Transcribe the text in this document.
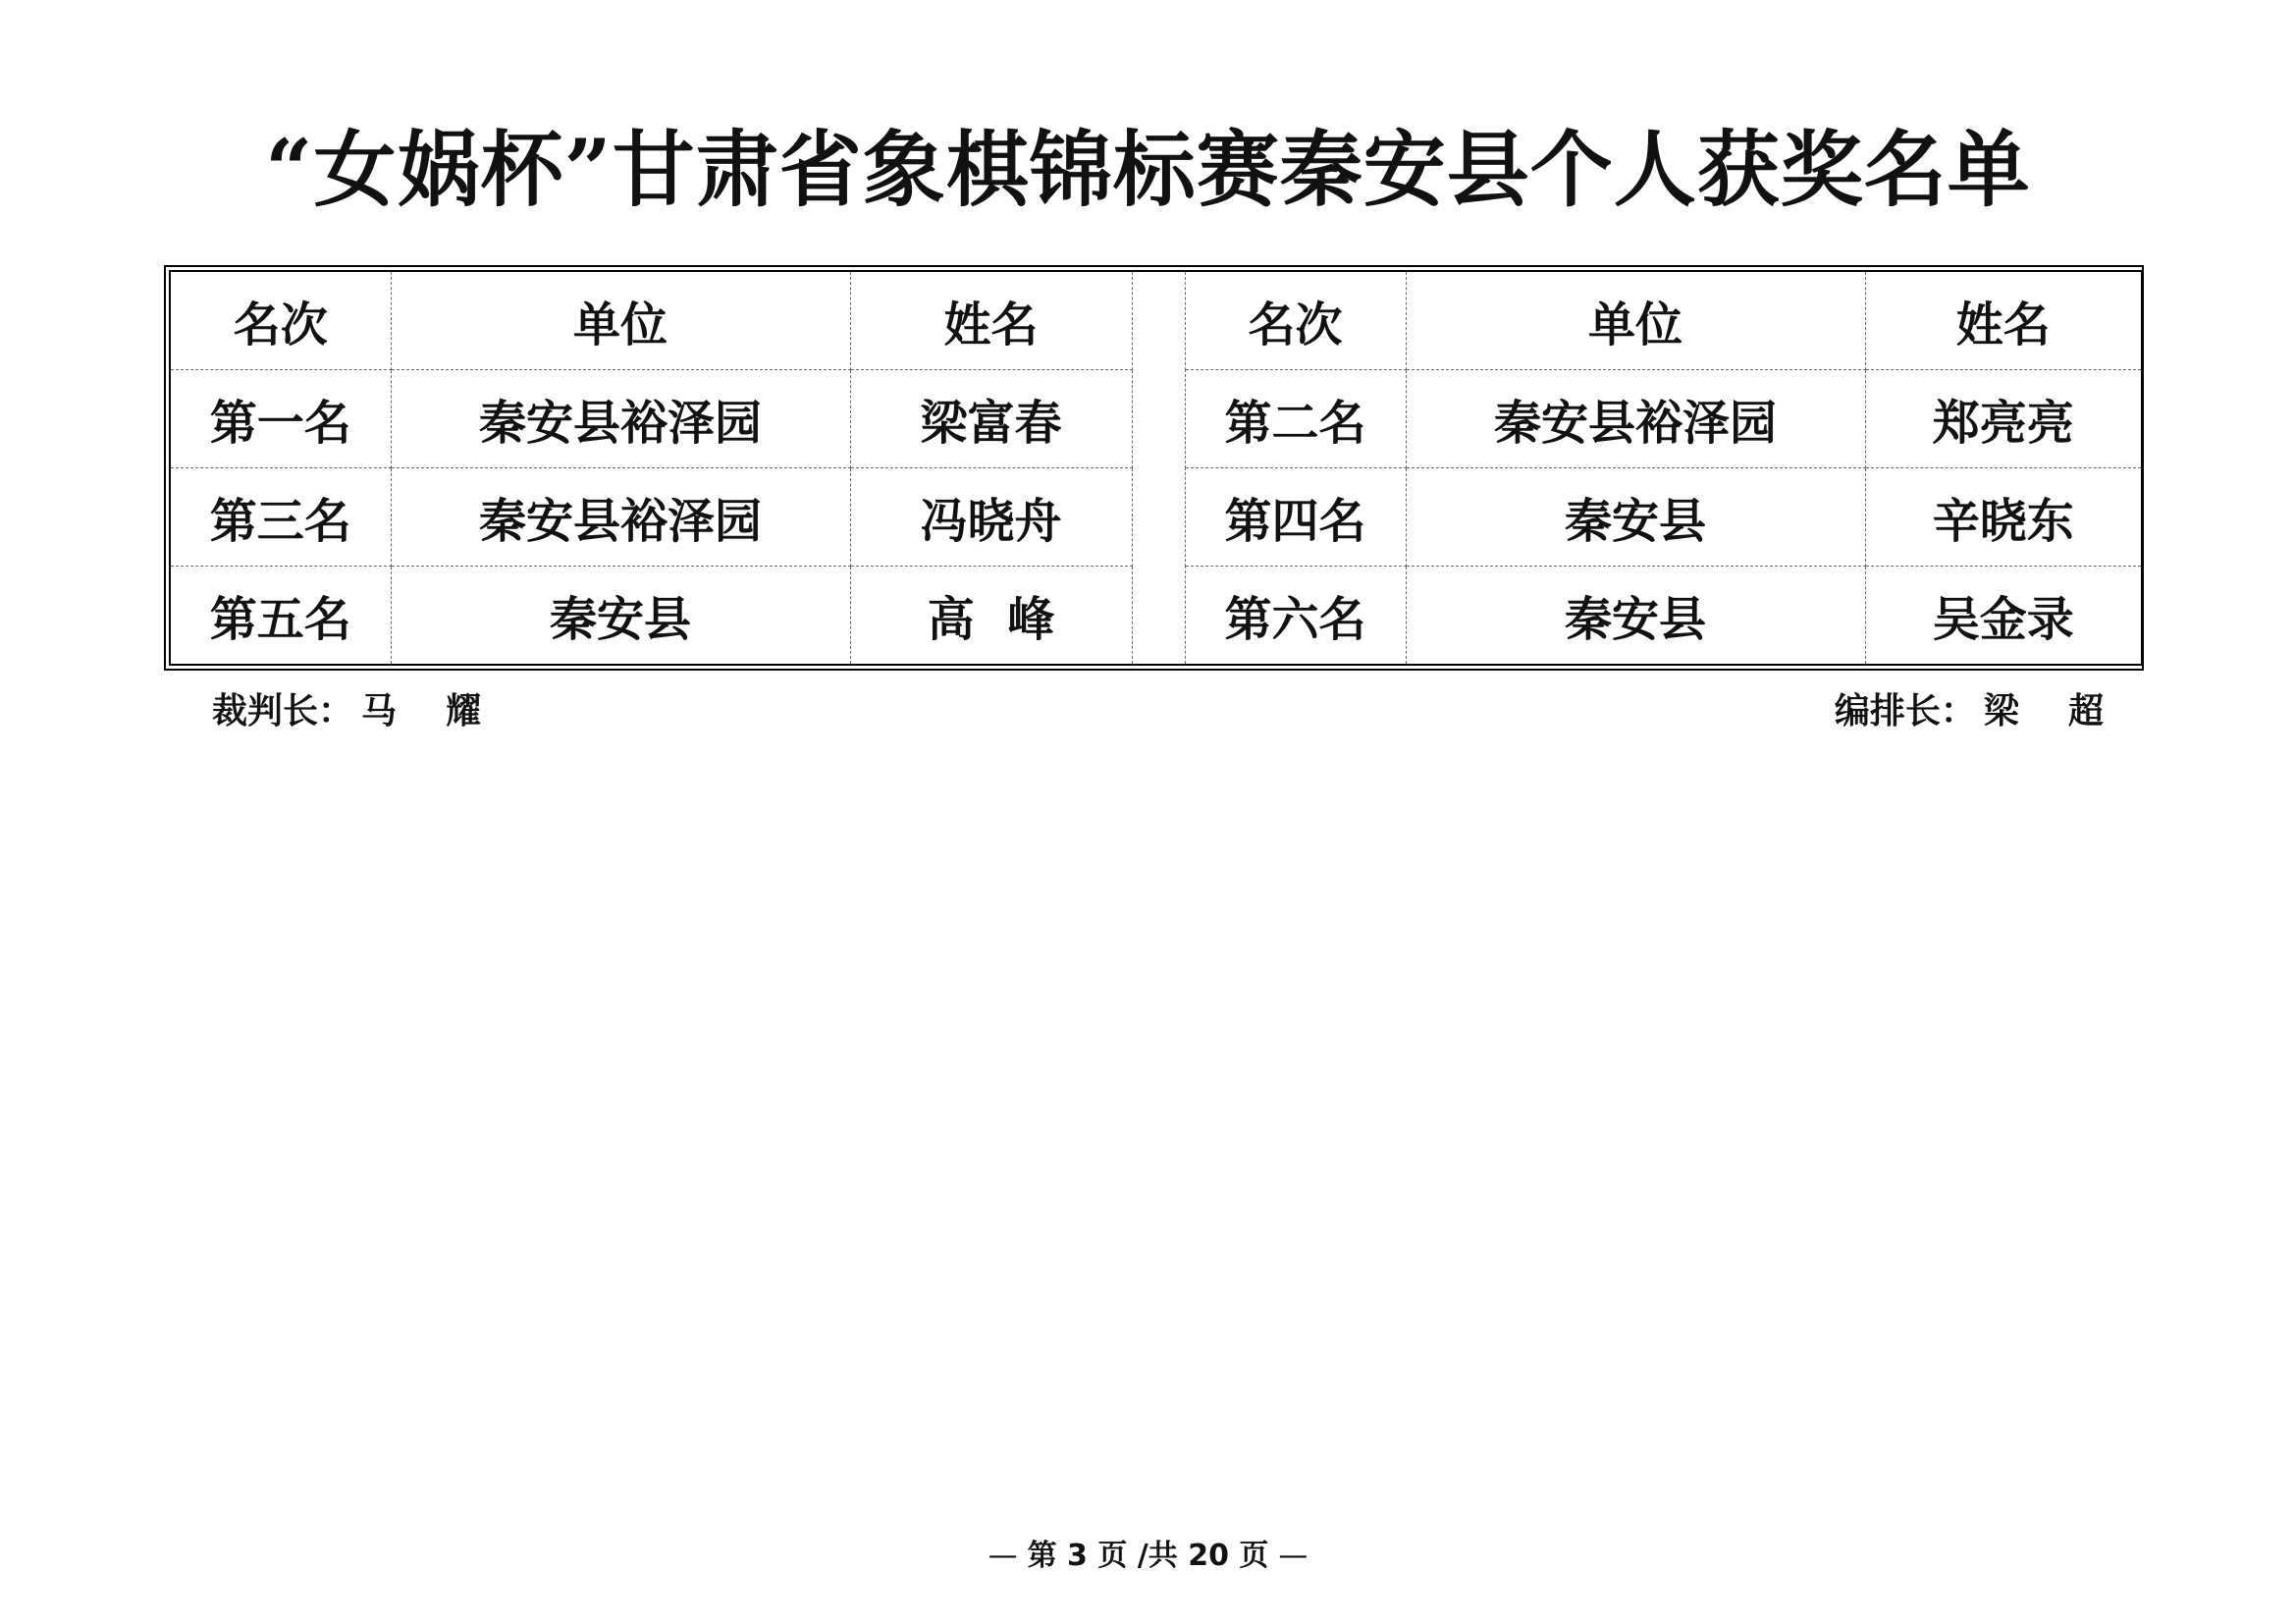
“女娲杯”甘肃省象棋锦标赛秦安县个人获奖名单
名次	单位	姓名		名次	单位	姓名
第一名	秦安县裕泽园	梁富春		第二名	秦安县裕泽园	郑亮亮
第三名	秦安县裕泽园	冯晓舟		第四名	秦安县	辛晓东
第五名	秦安县	高  峰		第六名	秦安县	吴金录
裁判长： 马    耀	编排长： 梁    超
— 第 3 页 /共 20 页 —
